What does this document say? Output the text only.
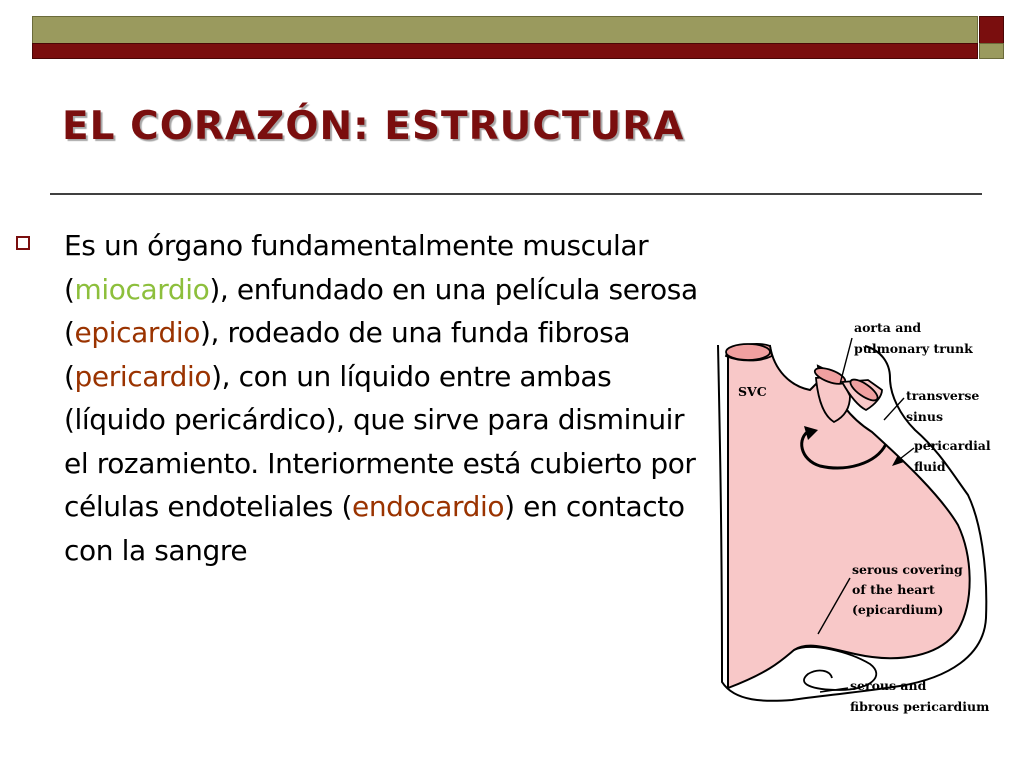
EL CORAZÓN: ESTRUCTURA

Es un órgano fundamentalmente muscular (miocardio), enfundado en una película serosa (epicardio), rodeado de una funda fibrosa (pericardio), con un líquido entre ambas (líquido pericárdico), que sirve para disminuir el rozamiento. Interiormente está cubierto por células endoteliales (endocardio) en contacto con la sangre

SVC
aorta and
pulmonary trunk
transverse
sinus
pericardial
fluid
serous covering
of the heart
(epicardium)
serous and
fibrous pericardium
